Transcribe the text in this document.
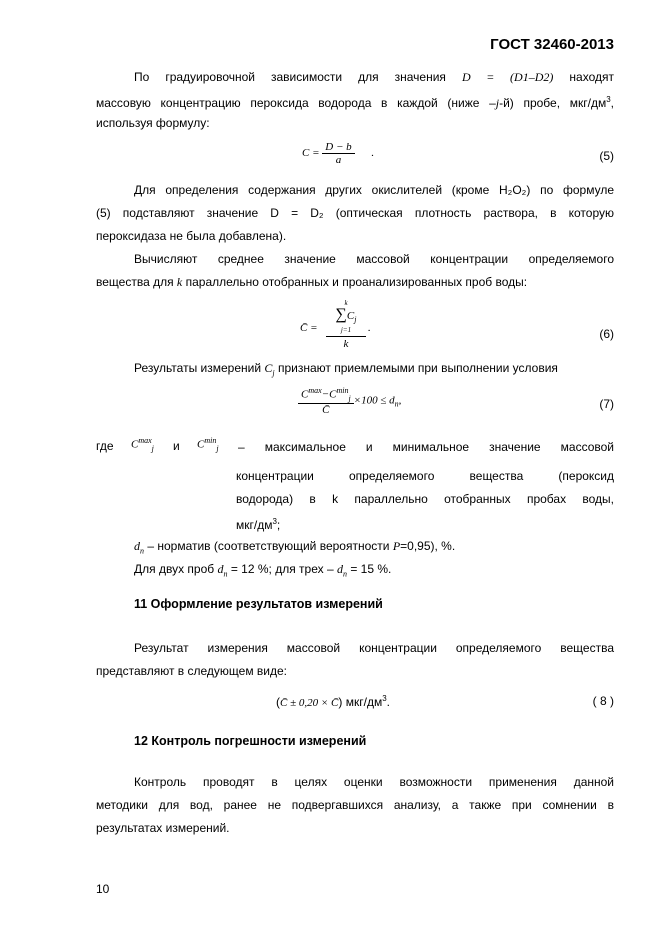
ГОСТ 32460-2013
По градуировочной зависимости для значения D = (D1–D2) находят
массовую концентрацию пероксида водорода в каждой (ниже –j-й) пробе, мкг/$дм^3$,
используя формулу:
$C = \frac{D - b}{a}$ .	(5)
Для определения содержания других окислителей (кроме H₂O₂) по формуле
(5) подставляют значение D = D₂ (оптическая плотность раствора, в которую
пероксидаза не была добавлена).
Вычисляют среднее значение массовой концентрации определяемого
вещества для k параллельно отобранных и проанализированных проб воды:
C̄ =
k
$\sum C_j$
j=1
k
.	(6)
Результаты измерений $C_j$ признают приемлемыми при выполнении условия
$\frac{C^{max}-C^{min}_j}{C̄} \times 100 \le d_n$,	(7)
где $C^{max}_j$ и $C^{min}_j$ – максимальное и минимальное значение массовой
концентрации определяемого вещества (пероксид
водорода) в k параллельно отобранных пробах воды,
мкг/$дм^3$;
$d_n$ – норматив (соответствующий вероятности P=0,95), %.
Для двух проб $d_n = 12$ %; для трех – $d_n = 15$ %.
11 Оформление результатов измерений
Результат измерения массовой концентрации определяемого вещества
представляют в следующем виде:
(C̄ ± 0,20 × C̄) мкг/$дм^3$.	( 8 )
12 Контроль погрешности измерений
Контроль проводят в целях оценки возможности применения данной
методики для вод, ранее не подвергавшихся анализу, а также при сомнении в
результатах измерений.
10
